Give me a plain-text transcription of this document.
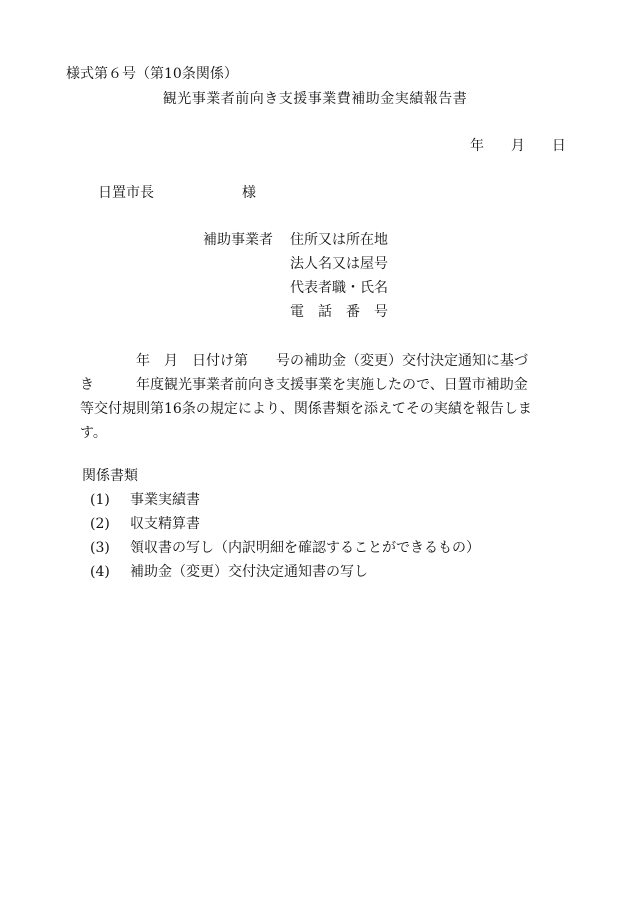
様式第６号（第10条関係）
観光事業者前向き支援事業費補助金実績報告書
年 月 日
日置市長	様
補助事業者 住所又は所在地
法人名又は屋号
代表者職・氏名
電　話　番　号
　　　　年　月　日付け第　　号の補助金（変更）交付決定通知に基づ
き　　　年度観光事業者前向き支援事業を実施したので、日置市補助金
等交付規則第16条の規定により、関係書類を添えてその実績を報告しま
す。
関係書類
(1) 事業実績書
(2) 収支精算書
(3) 領収書の写し（内訳明細を確認することができるもの）
(4) 補助金（変更）交付決定通知書の写し
